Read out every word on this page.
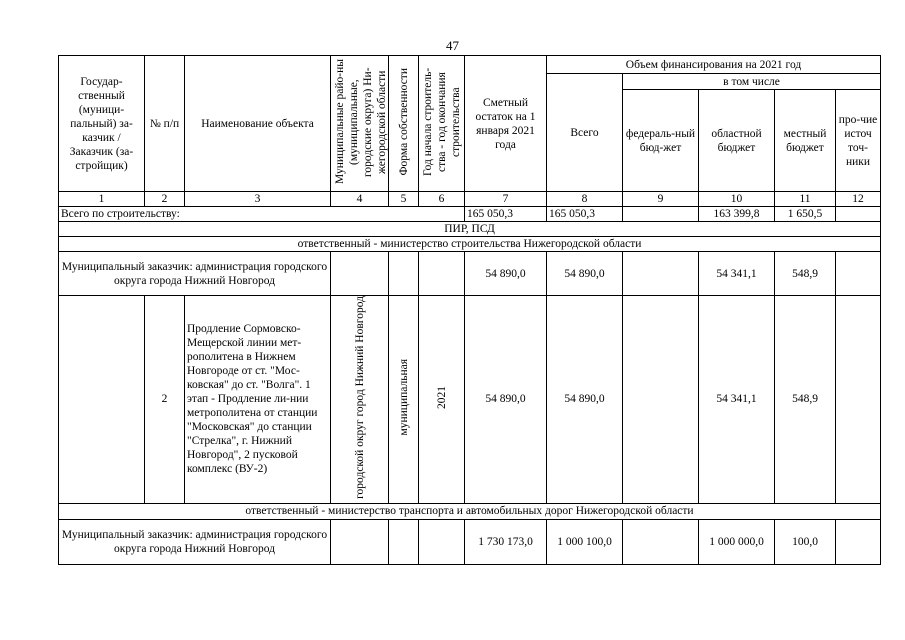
47
Государ-ственный (муници-пальный) за-казчик / Заказчик (за-стройщик)	№ п/п	Наименование объекта	Муниципальные райо-ны (муниципальные, городские округа) Ни-жегородской области	Форма собственности	Год начала строитель-ства - год окончания строительства	Сметный остаток на 1 января 2021 года	Объем финансирования на 2021 год				
							Всего	в том числе			
								федераль-ный бюд-жет	областной бюджет	местный бюджет	про-чие источ точ-ники
1	2	3	4	5	6	7	8	9	10	11	12
Всего по строительству:						165 050,3	165 050,3		163 399,8	1 650,5	
ПИР, ПСД											
ответственный - министерство строительства Нижегородской области											
Муниципальный заказчик: администрация городского округа города Нижний Новгород						54 890,0	54 890,0		54 341,1	548,9	
	2	Продление Сормовско-Мещерской линии мет-рополитена в Нижнем Новгороде от ст. "Мос-ковская" до ст. "Волга". 1 этап - Продление ли-нии метрополитена от станции "Московская" до станции "Стрелка", г. Нижний Новгород", 2 пусковой комплекс (ВУ-2)	городской округ город Нижний Новгород	муниципальная	2021	54 890,0	54 890,0		54 341,1	548,9	
ответственный - министерство транспорта и автомобильных дорог Нижегородской области											
Муниципальный заказчик: администрация городского округа города Нижний Новгород						1 730 173,0	1 000 100,0		1 000 000,0	100,0	
